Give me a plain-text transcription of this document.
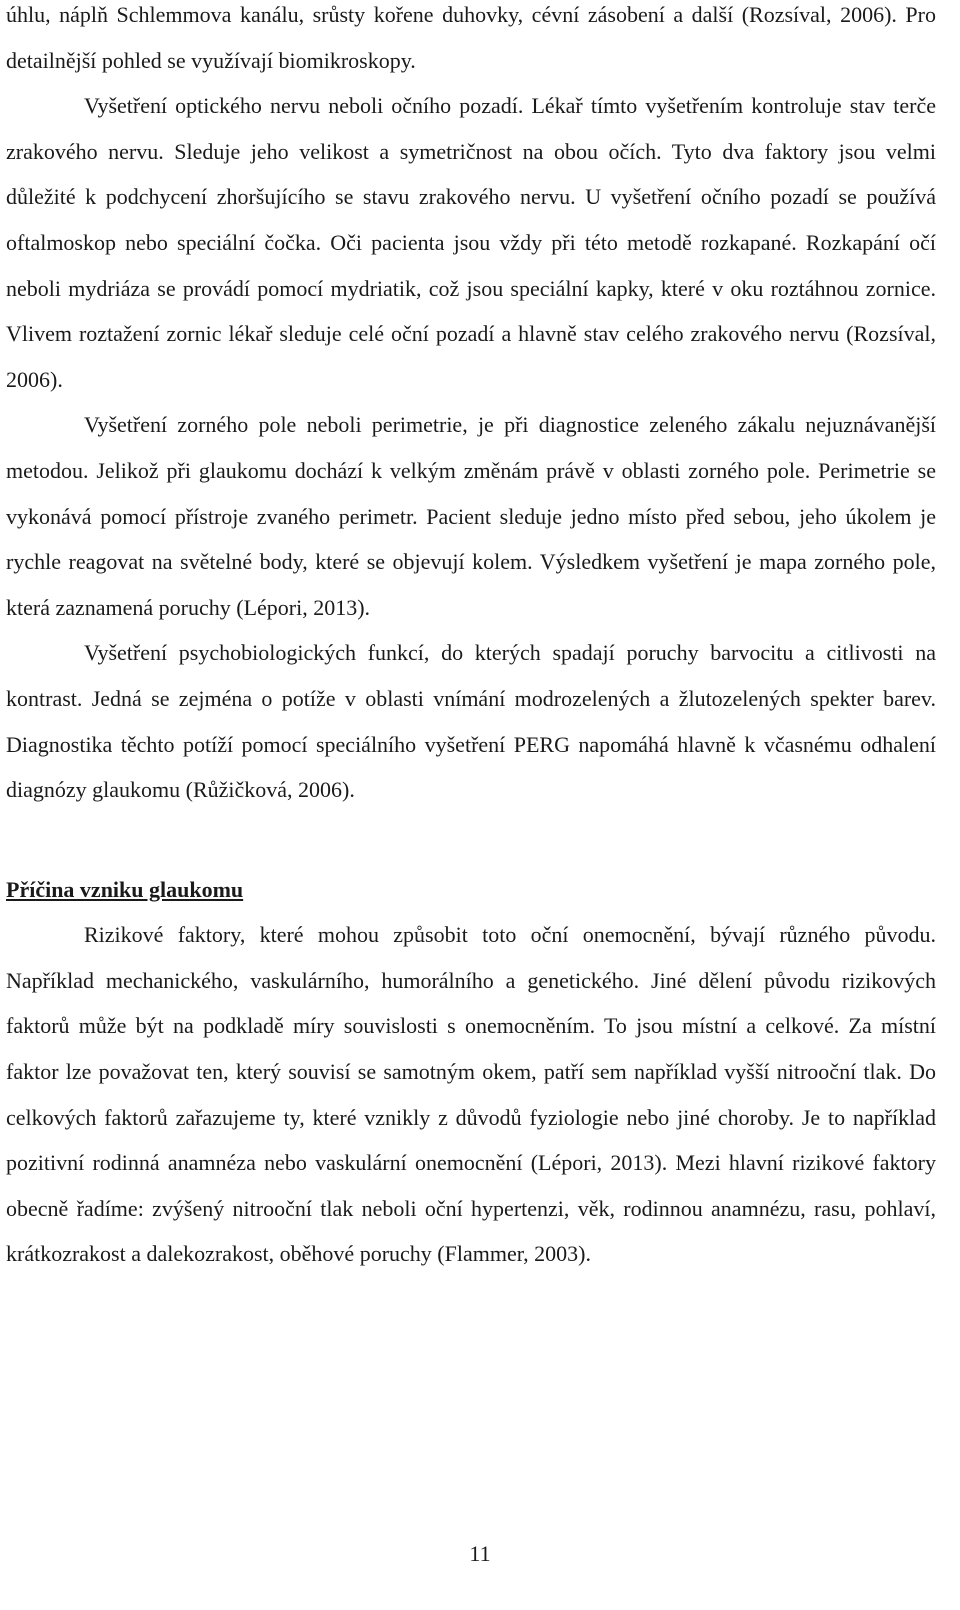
úhlu, náplň Schlemmova kanálu, srůsty kořene duhovky, cévní zásobení a další (Rozsíval, 2006). Pro detailnější pohled se využívají biomikroskopy.

Vyšetření optického nervu neboli očního pozadí. Lékař tímto vyšetřením kontroluje stav terče zrakového nervu. Sleduje jeho velikost a symetričnost na obou očích. Tyto dva faktory jsou velmi důležité k podchycení zhoršujícího se stavu zrakového nervu. U vyšetření očního pozadí se používá oftalmoskop nebo speciální čočka. Oči pacienta jsou vždy při této metodě rozkapané. Rozkapání očí neboli mydriáza se provádí pomocí mydriatik, což jsou speciální kapky, které v oku roztáhnou zornice. Vlivem roztažení zornic lékař sleduje celé oční pozadí a hlavně stav celého zrakového nervu (Rozsíval, 2006).

Vyšetření zorného pole neboli perimetrie, je při diagnostice zeleného zákalu nejuznávanější metodou. Jelikož při glaukomu dochází k velkým změnám právě v oblasti zorného pole. Perimetrie se vykonává pomocí přístroje zvaného perimetr. Pacient sleduje jedno místo před sebou, jeho úkolem je rychle reagovat na světelné body, které se objevují kolem. Výsledkem vyšetření je mapa zorného pole, která zaznamená poruchy (Lépori, 2013).

Vyšetření psychobiologických funkcí, do kterých spadají poruchy barvocitu a citlivosti na kontrast. Jedná se zejména o potíže v oblasti vnímání modrozelených a žlutozelených spekter barev. Diagnostika těchto potíží pomocí speciálního vyšetření PERG napomáhá hlavně k včasnému odhalení diagnózy glaukomu (Růžičková, 2006).

Příčina vzniku glaukomu

Rizikové faktory, které mohou způsobit toto oční onemocnění, bývají různého původu. Například mechanického, vaskulárního, humorálního a genetického. Jiné dělení původu rizikových faktorů může být na podkladě míry souvislosti s onemocněním. To jsou místní a celkové. Za místní faktor lze považovat ten, který souvisí se samotným okem, patří sem například vyšší nitrooční tlak. Do celkových faktorů zařazujeme ty, které vznikly z důvodů fyziologie nebo jiné choroby. Je to například pozitivní rodinná anamnéza nebo vaskulární onemocnění (Lépori, 2013). Mezi hlavní rizikové faktory obecně řadíme: zvýšený nitrooční tlak neboli oční hypertenzi, věk, rodinnou anamnézu, rasu, pohlaví, krátkozrakost a dalekozrakost, oběhové poruchy (Flammer, 2003).

11
